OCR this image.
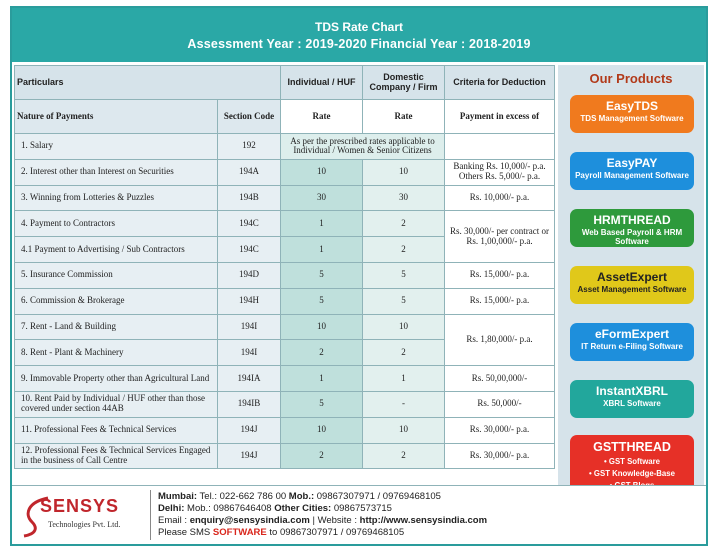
TDS Rate Chart
Assessment Year : 2019-2020 Financial Year : 2018-2019
Particulars		Individual / HUF	Domestic Company / Firm	Criteria for Deduction
Nature of Payments	Section Code	Rate	Rate	Payment in excess of
1. Salary	192	As per the prescribed rates applicable to Individual / Women & Senior Citizens		
2. Interest other than Interest on Securities	194A	10	10	Banking Rs. 10,000/- p.a. Others Rs. 5,000/- p.a.
3. Winning from Lotteries & Puzzles	194B	30	30	Rs. 10,000/- p.a.
4. Payment to Contractors	194C	1	2	Rs. 30,000/- per contract or Rs. 1,00,000/- p.a.
4.1 Payment to Advertising / Sub Contractors	194C	1	2	
5. Insurance Commission	194D	5	5	Rs. 15,000/- p.a.
6. Commission & Brokerage	194H	5	5	Rs. 15,000/- p.a.
7. Rent - Land & Building	194I	10	10	Rs. 1,80,000/- p.a.
8. Rent - Plant & Machinery	194I	2	2	
9. Immovable Property other than Agricultural Land	194IA	1	1	Rs. 50,00,000/-
10. Rent Paid by Individual / HUF other than those covered under section 44AB	194IB	5	-	Rs. 50,000/-
11. Professional Fees & Technical Services	194J	10	10	Rs. 30,000/- p.a.
12. Professional Fees & Technical Services Engaged in the business of Call Centre	194J	2	2	Rs. 30,000/- p.a.
Our Products
EasyTDS
TDS Management Software
EasyPAY
Payroll Management Software
HRMTHREAD
Web Based Payroll & HRM Software
AssetExpert
Asset Management Software
eFormExpert
IT Return e-Filing Software
InstantXBRL
XBRL Software
GSTTHREAD
• GST Software
• GST Knowledge-Base
SENSYS
Technologies Pvt. Ltd.
Mumbai: Tel.: 022-662 786 00 Mob.: 09867307971 / 09769468105
Delhi: Mob.: 09867646408 Other Cities: 09867573715
Email : enquiry@sensysindia.com | Website : http://www.sensysindia.com
Please SMS SOFTWARE to 09867307971 / 09769468105
